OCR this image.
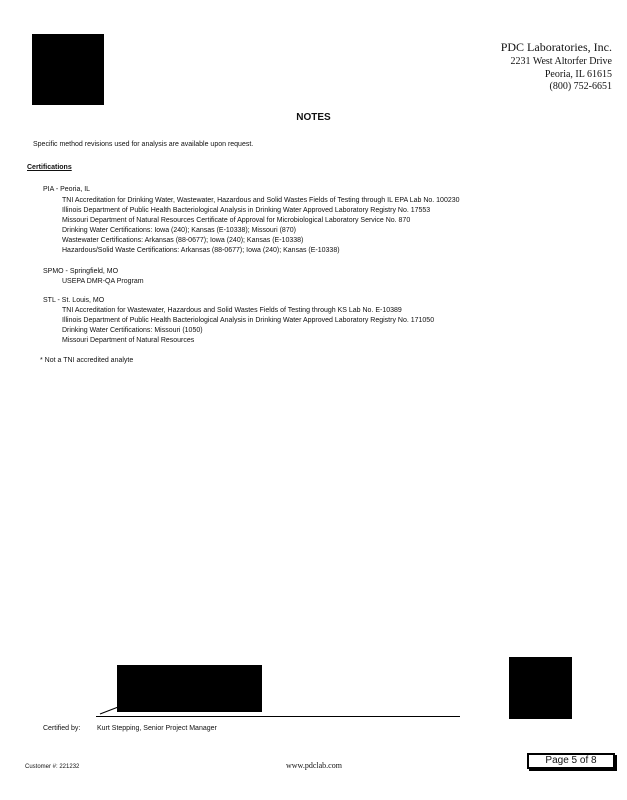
PDC Laboratories, Inc.
2231 West Altorfer Drive
Peoria, IL 61615
(800) 752-6651
NOTES
Specific method revisions used for analysis are available upon request.
Certifications
PIA - Peoria, IL
TNI Accreditation for Drinking Water, Wastewater, Hazardous and Solid Wastes Fields of Testing through IL EPA Lab No. 100230
Illinois Department of Public Health Bacteriological Analysis in Drinking Water Approved Laboratory Registry No. 17553
Missouri Department of Natural Resources Certificate of Approval for Microbiological Laboratory Service No. 870
Drinking Water Certifications: Iowa (240); Kansas (E-10338); Missouri (870)
Wastewater Certifications: Arkansas (88-0677); Iowa (240); Kansas (E-10338)
Hazardous/Solid Waste Certifications: Arkansas (88-0677); Iowa (240); Kansas (E-10338)
SPMO - Springfield, MO
USEPA DMR-QA Program
STL - St. Louis, MO
TNI Accreditation for Wastewater, Hazardous and Solid Wastes Fields of Testing through KS Lab No. E-10389
Illinois Department of Public Health Bacteriological Analysis in Drinking Water Approved Laboratory Registry No. 171050
Drinking Water Certifications: Missouri (1050)
Missouri Department of Natural Resources
* Not a TNI accredited analyte
Certified by: Kurt Stepping, Senior Project Manager
Customer #: 221232	www.pdclab.com	Page 5 of 8
